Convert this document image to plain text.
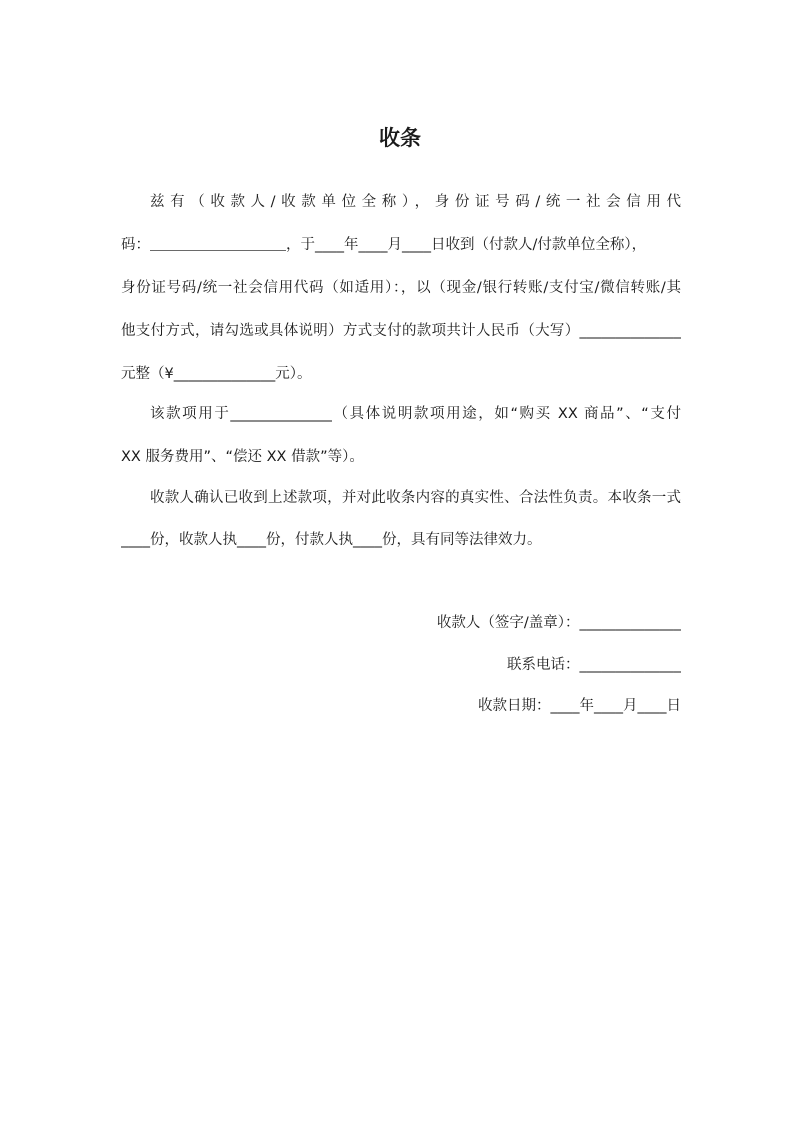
收条
兹有（收款人/收款单位全称），身份证号码/统一社会信用代
码：	，于____年____月____日收到（付款人/付款单位全称），
身份证号码/统一社会信用代码（如适用）：，以（现金/银行转账/支付宝/微信转账/其
他支付方式，请勾选或具体说明）方式支付的款项共计人民币（大写）______________
元整（¥______________元）。
该款项用于______________（具体说明款项用途，如“购买 XX 商品”、“支付
XX 服务费用”、“偿还 XX 借款”等）。
收款人确认已收到上述款项，并对此收条内容的真实性、合法性负责。本收条一式
____份，收款人执____份，付款人执____份，具有同等法律效力。
收款人（签字/盖章）：______________
联系电话：______________
收款日期：____年____月____日
